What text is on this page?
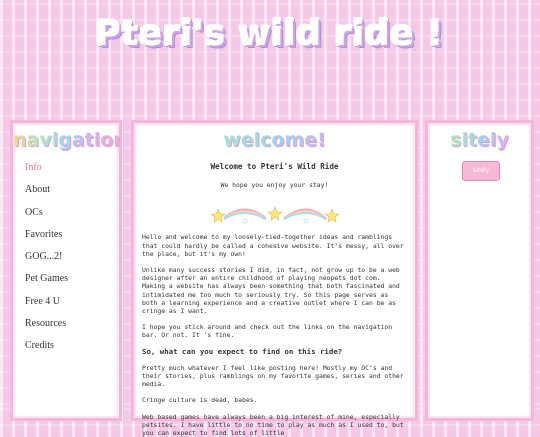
Pteri's wild ride !
navigation
Info
About
OCs
Favorites
GOG...2!
Pet Games
Free 4 U
Resources
Credits
welcome!
Welcome to Pteri's Wild Ride
We hope you enjoy your stay!

Hello and welcome to my loosely-tied-together ideas and ramblings that could hardly be called a cohesive website. It's messy, all over the place, but it's my own!

Unlike many success stories I did, in fact, not grow up to be a web designer after an entire childhood of playing neopets dot com. Making a website has always been something that both fascinated and intimidated me too much to seriously try. So this page serves as both a learning experience and a creative outlet where I can be as cringe as I want.

I hope you stick around and check out the links on the navigation bar. Or not. It 's fine.

So, what can you expect to find on this ride?

Pretty much whatever I feel like posting here! Mostly my OC's and their stories, plus ramblings on my favorite games, series and other media.

Cringe culture is dead, babes.

Web based games have always been a big interest of mine, especially petsites. I have little to no time to play as much as I used to, but you can expect to find lots of little

sitely
sitely
